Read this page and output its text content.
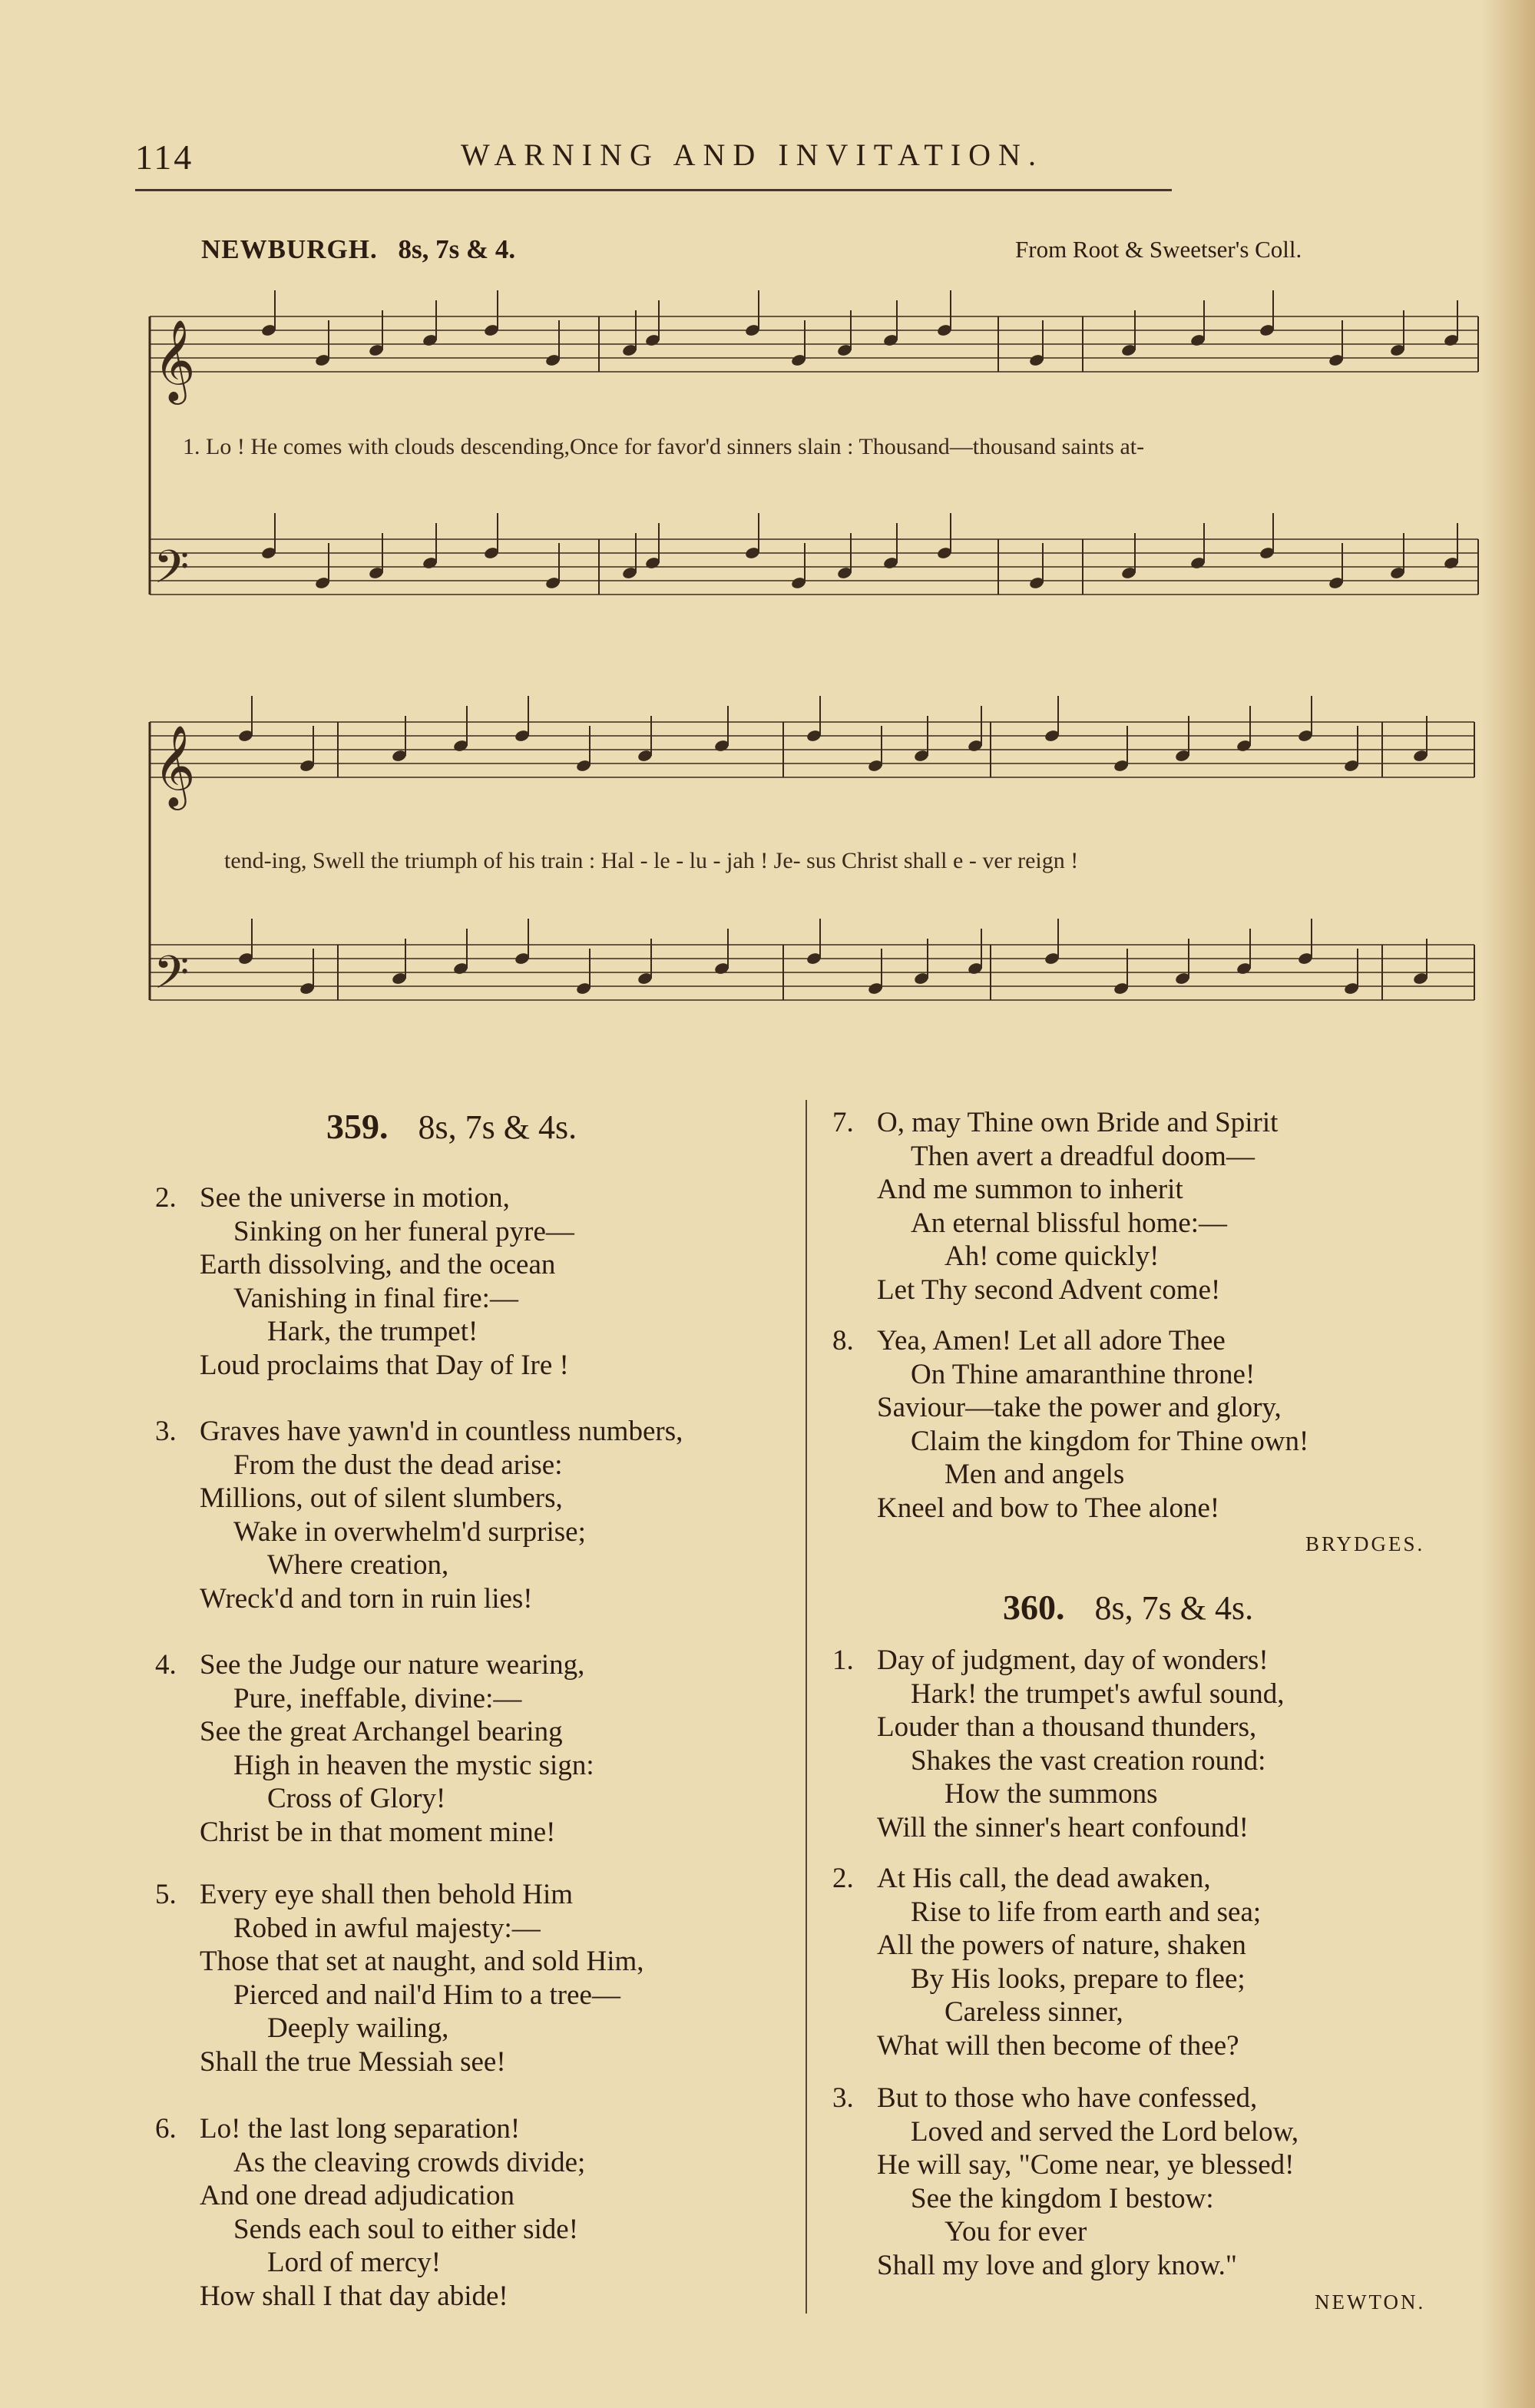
114	WARNING AND INVITATION.
NEWBURGH. 8s, 7s & 4.	From Root & Sweetser's Coll.
𝄞
𝄢
𝄞
𝄢
1. Lo ! He comes with clouds descending,Once for favor'd sinners slain : Thousand—thousand saints at-
tend-ing, Swell the triumph of his train : Hal - le - lu - jah ! Je- sus Christ shall e - ver reign !
359. 8s, 7s & 4s.
2. See the universe in motion,
Sinking on her funeral pyre—
Earth dissolving, and the ocean
Vanishing in final fire:—
Hark, the trumpet!
Loud proclaims that Day of Ire !
3. Graves have yawn'd in countless numbers,
From the dust the dead arise:
Millions, out of silent slumbers,
Wake in overwhelm'd surprise;
Where creation,
Wreck'd and torn in ruin lies!
4. See the Judge our nature wearing,
Pure, ineffable, divine:—
See the great Archangel bearing
High in heaven the mystic sign:
Cross of Glory!
Christ be in that moment mine!
5. Every eye shall then behold Him
Robed in awful majesty:—
Those that set at naught, and sold Him,
Pierced and nail'd Him to a tree—
Deeply wailing,
Shall the true Messiah see!
6. Lo! the last long separation!
As the cleaving crowds divide;
And one dread adjudication
Sends each soul to either side!
Lord of mercy!
How shall I that day abide!
7. O, may Thine own Bride and Spirit
Then avert a dreadful doom—
And me summon to inherit
An eternal blissful home:—
Ah! come quickly!
Let Thy second Advent come!
8. Yea, Amen! Let all adore Thee
On Thine amaranthine throne!
Saviour—take the power and glory,
Claim the kingdom for Thine own!
Men and angels
Kneel and bow to Thee alone!
BRYDGES.
360. 8s, 7s & 4s.
1. Day of judgment, day of wonders!
Hark! the trumpet's awful sound,
Louder than a thousand thunders,
Shakes the vast creation round:
How the summons
Will the sinner's heart confound!
2. At His call, the dead awaken,
Rise to life from earth and sea;
All the powers of nature, shaken
By His looks, prepare to flee;
Careless sinner,
What will then become of thee?
3. But to those who have confessed,
Loved and served the Lord below,
He will say, "Come near, ye blessed!
See the kingdom I bestow:
You for ever
Shall my love and glory know."
NEWTON.
